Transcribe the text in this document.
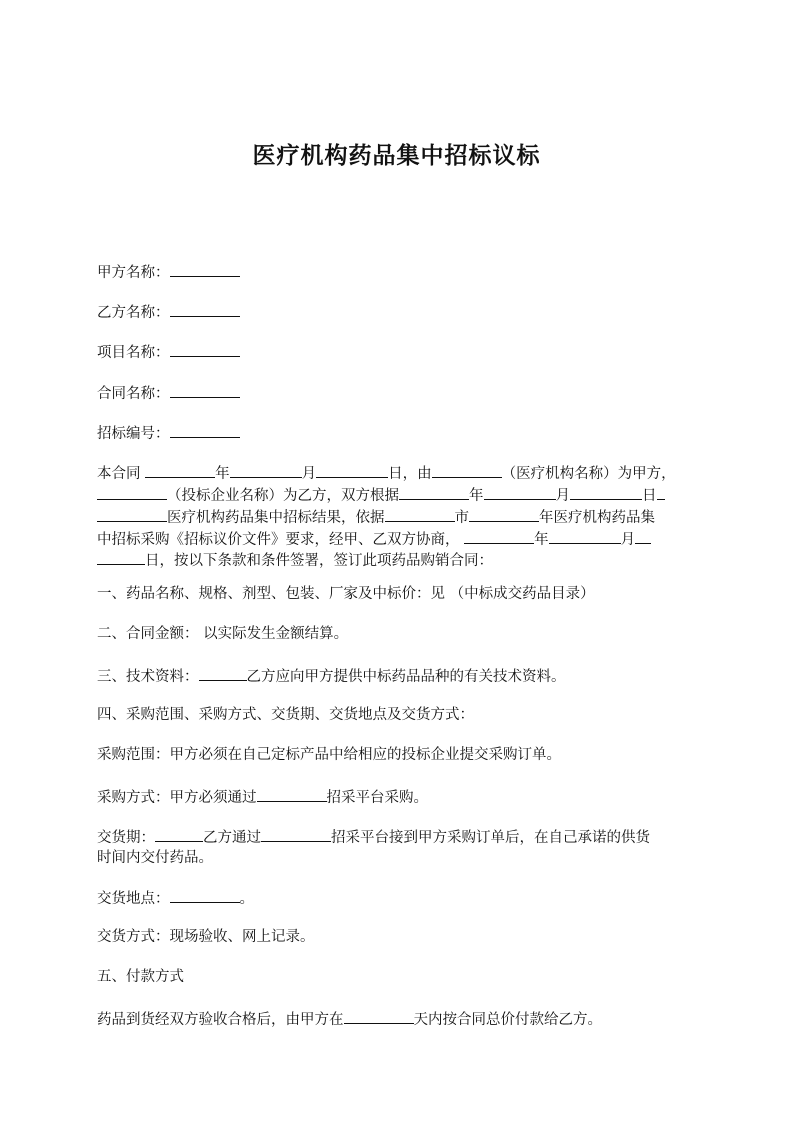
医疗机构药品集中招标议标

甲方名称：

乙方名称：

项目名称：

合同名称：

招标编号：

本合同	年	月	日，由	（医疗机构名称）为甲方，

（投标企业名称）为乙方，双方根据	年	月	日

医疗机构药品集中招标结果，依据	市	年医疗机构药品集

中招标采购《招标议价文件》要求，经甲、乙双方协商，	年	月

日，按以下条款和条件签署，签订此项药品购销合同：

一、药品名称、规格、剂型、包装、厂家及中标价：见 （中标成交药品目录）

二、合同金额： 以实际发生金额结算。

三、技术资料：	乙方应向甲方提供中标药品品种的有关技术资料。

四、采购范围、采购方式、交货期、交货地点及交货方式：

采购范围：甲方必须在自己定标产品中给相应的投标企业提交采购订单。

采购方式：甲方必须通过	招采平台采购。

交货期：	乙方通过	招采平台接到甲方采购订单后，在自己承诺的供货

时间内交付药品。

交货地点：	。

交货方式：现场验收、网上记录。

五、付款方式

药品到货经双方验收合格后，由甲方在	天内按合同总价付款给乙方。
